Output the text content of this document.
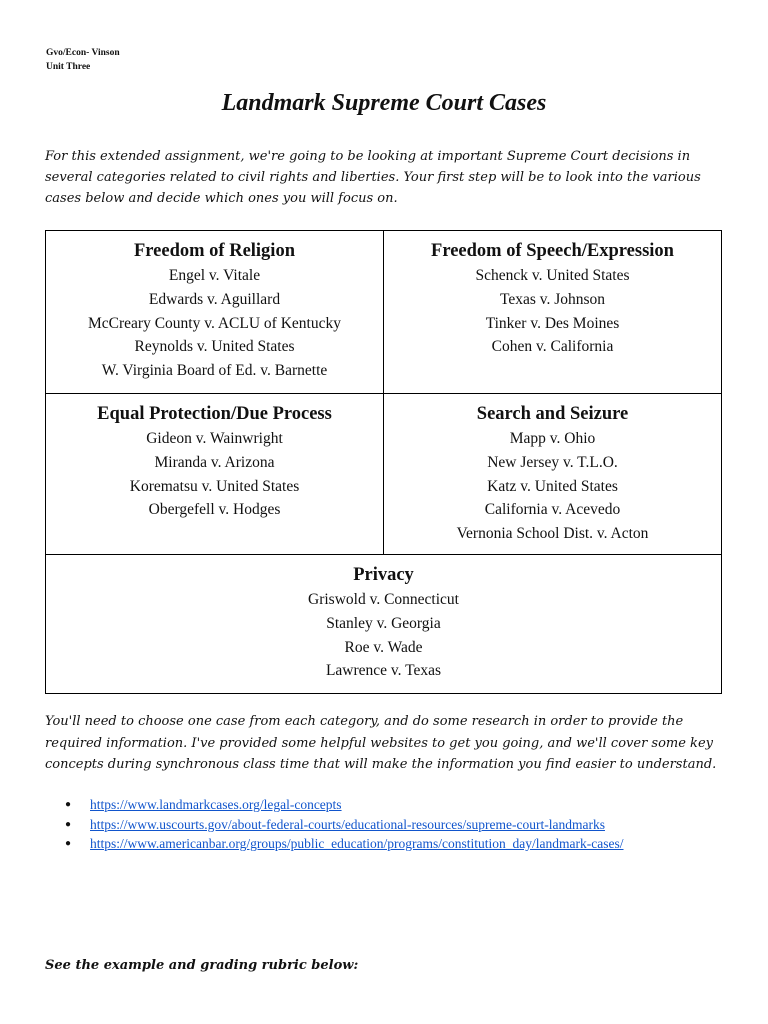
Gvo/Econ- Vinson
Unit Three
Landmark Supreme Court Cases
For this extended assignment, we're going to be looking at important Supreme Court decisions in several categories related to civil rights and liberties. Your first step will be to look into the various cases below and decide which ones you will focus on.
Freedom of Religion
Engel v. Vitale
Edwards v. Aguillard
McCreary County v. ACLU of Kentucky
Reynolds v. United States
W. Virginia Board of Ed. v. Barnette
Freedom of Speech/Expression
Schenck v. United States
Texas v. Johnson
Tinker v. Des Moines
Cohen v. California
Equal Protection/Due Process
Gideon v. Wainwright
Miranda v. Arizona
Korematsu v. United States
Obergefell v. Hodges
Search and Seizure
Mapp v. Ohio
New Jersey v. T.L.O.
Katz v. United States
California v. Acevedo
Vernonia School Dist. v. Acton
Privacy
Griswold v. Connecticut
Stanley v. Georgia
Roe v. Wade
Lawrence v. Texas
You'll need to choose one case from each category, and do some research in order to provide the required information. I've provided some helpful websites to get you going, and we'll cover some key concepts during synchronous class time that will make the information you find easier to understand.
●	https://www.landmarkcases.org/legal-concepts
●	https://www.uscourts.gov/about-federal-courts/educational-resources/supreme-court-landmarks
●	https://www.americanbar.org/groups/public_education/programs/constitution_day/landmark-cases/
See the example and grading rubric below:
